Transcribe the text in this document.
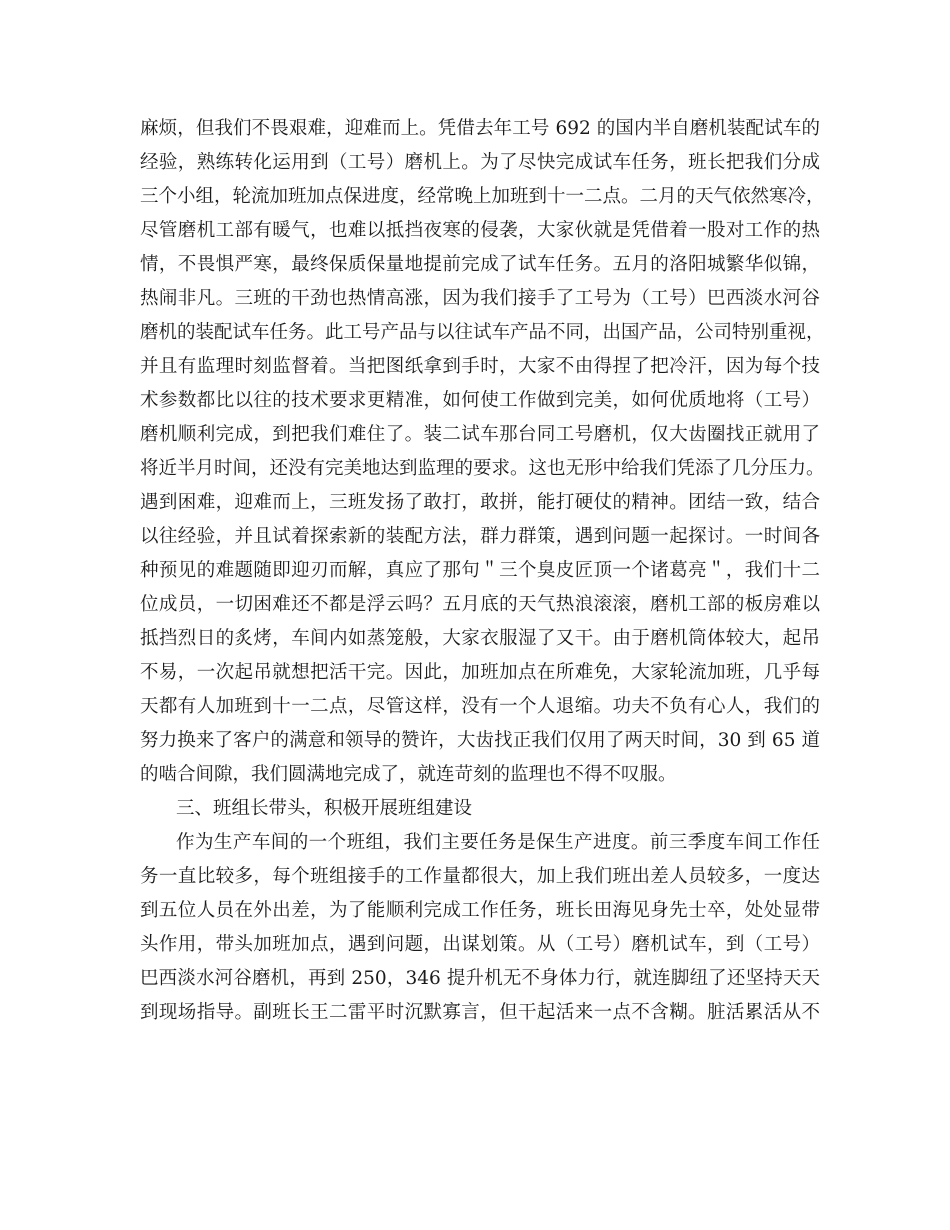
麻烦，但我们不畏艰难，迎难而上。凭借去年工号 692 的国内半自磨机装配试车的
经验，熟练转化运用到（工号）磨机上。为了尽快完成试车任务，班长把我们分成
三个小组，轮流加班加点保进度，经常晚上加班到十一二点。二月的天气依然寒冷，
尽管磨机工部有暖气，也难以抵挡夜寒的侵袭，大家伙就是凭借着一股对工作的热
情，不畏惧严寒，最终保质保量地提前完成了试车任务。五月的洛阳城繁华似锦，
热闹非凡。三班的干劲也热情高涨，因为我们接手了工号为（工号）巴西淡水河谷
磨机的装配试车任务。此工号产品与以往试车产品不同，出国产品，公司特别重视，
并且有监理时刻监督着。当把图纸拿到手时，大家不由得捏了把冷汗，因为每个技
术参数都比以往的技术要求更精准，如何使工作做到完美，如何优质地将（工号）
磨机顺利完成，到把我们难住了。装二试车那台同工号磨机，仅大齿圈找正就用了
将近半月时间，还没有完美地达到监理的要求。这也无形中给我们凭添了几分压力。
遇到困难，迎难而上，三班发扬了敢打，敢拼，能打硬仗的精神。团结一致，结合
以往经验，并且试着探索新的装配方法，群力群策，遇到问题一起探讨。一时间各
种预见的难题随即迎刃而解，真应了那句＂三个臭皮匠顶一个诸葛亮＂，我们十二
位成员，一切困难还不都是浮云吗？五月底的天气热浪滚滚，磨机工部的板房难以
抵挡烈日的炙烤，车间内如蒸笼般，大家衣服湿了又干。由于磨机筒体较大，起吊
不易，一次起吊就想把活干完。因此，加班加点在所难免，大家轮流加班，几乎每
天都有人加班到十一二点，尽管这样，没有一个人退缩。功夫不负有心人，我们的
努力换来了客户的满意和领导的赞许，大齿找正我们仅用了两天时间，30 到 65 道
的啮合间隙，我们圆满地完成了，就连苛刻的监理也不得不叹服。
三、班组长带头，积极开展班组建设
作为生产车间的一个班组，我们主要任务是保生产进度。前三季度车间工作任
务一直比较多，每个班组接手的工作量都很大，加上我们班出差人员较多，一度达
到五位人员在外出差，为了能顺利完成工作任务，班长田海见身先士卒，处处显带
头作用，带头加班加点，遇到问题，出谋划策。从（工号）磨机试车，到（工号）
巴西淡水河谷磨机，再到 250，346 提升机无不身体力行，就连脚纽了还坚持天天
到现场指导。副班长王二雷平时沉默寡言，但干起活来一点不含糊。脏活累活从不
